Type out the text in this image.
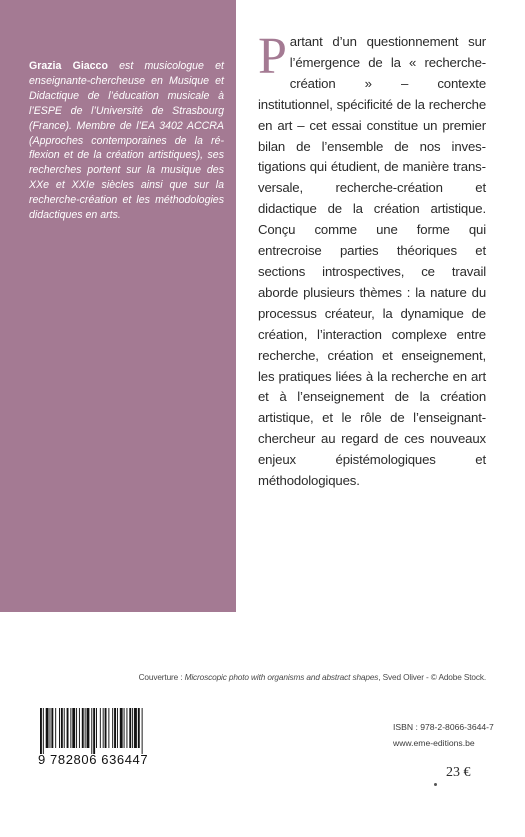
Grazia Giacco est musicologue et enseignante-chercheuse en Musique et Didactique de l’éducation musicale à l’ESPE de l’Université de Strasbourg (France). Membre de l’EA 3402 ACCRA (Approches contemporaines de la réflexion et de la création artistiques), ses recherches portent sur la musique des XXe et XXIe siècles ainsi que sur la recherche-création et les méthodologies didactiques en arts.

Partant d’un questionnement sur l’émergence de la « recherche-création » – contexte institutionnel, spécificité de la recherche en art – cet essai constitue un premier bilan de l’ensemble de nos investigations qui étudient, de manière transversale, recherche-création et didactique de la création artistique. Conçu comme une forme qui entrecroise parties théoriques et sections introspectives, ce travail aborde plusieurs thèmes : la nature du processus créateur, la dynamique de création, l’interaction complexe entre recherche, création et enseignement, les pratiques liées à la recherche en art et à l’enseignement de la création artistique, et le rôle de l’enseignant-chercheur au regard de ces nouveaux enjeux épistémologiques et méthodologiques.

Couverture : Microscopic photo with organisms and abstract shapes, Sved Oliver - © Adobe Stock.

9 782806 636447

ISBN : 978-2-8066-3644-7

www.eme-editions.be

23 €
